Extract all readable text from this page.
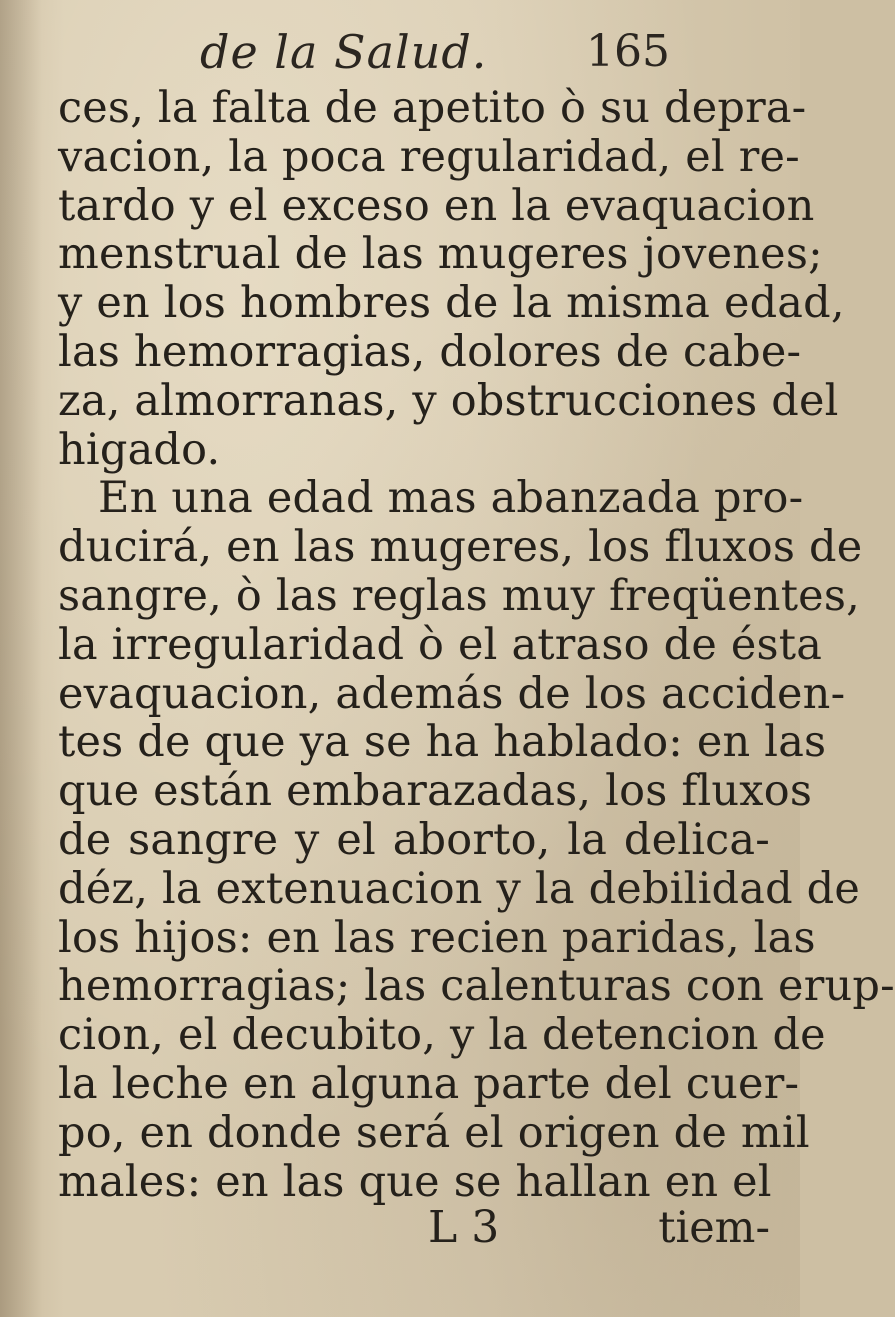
de la Salud. 165
ces, la falta de apetito ò su depra-
vacion, la poca regularidad, el re-
tardo y el exceso en la evaquacion
menstrual de las mugeres jovenes;
y en los hombres de la misma edad,
las hemorragias, dolores de cabe-
za, almorranas, y obstrucciones del
higado.
En una edad mas abanzada pro-
ducirá, en las mugeres, los fluxos de
sangre, ò las reglas muy freqüentes,
la irregularidad ò el atraso de ésta
evaquacion, además de los acciden-
tes de que ya se ha hablado: en las
que están embarazadas, los fluxos
de sangre y el aborto, la delica-
déz, la extenuacion y la debilidad de
los hijos: en las recien paridas, las
hemorragias; las calenturas con erup-
cion, el decubito, y la detencion de
la leche en alguna parte del cuer-
po, en donde será el origen de mil
males: en las que se hallan en el
L 3	tiem-
